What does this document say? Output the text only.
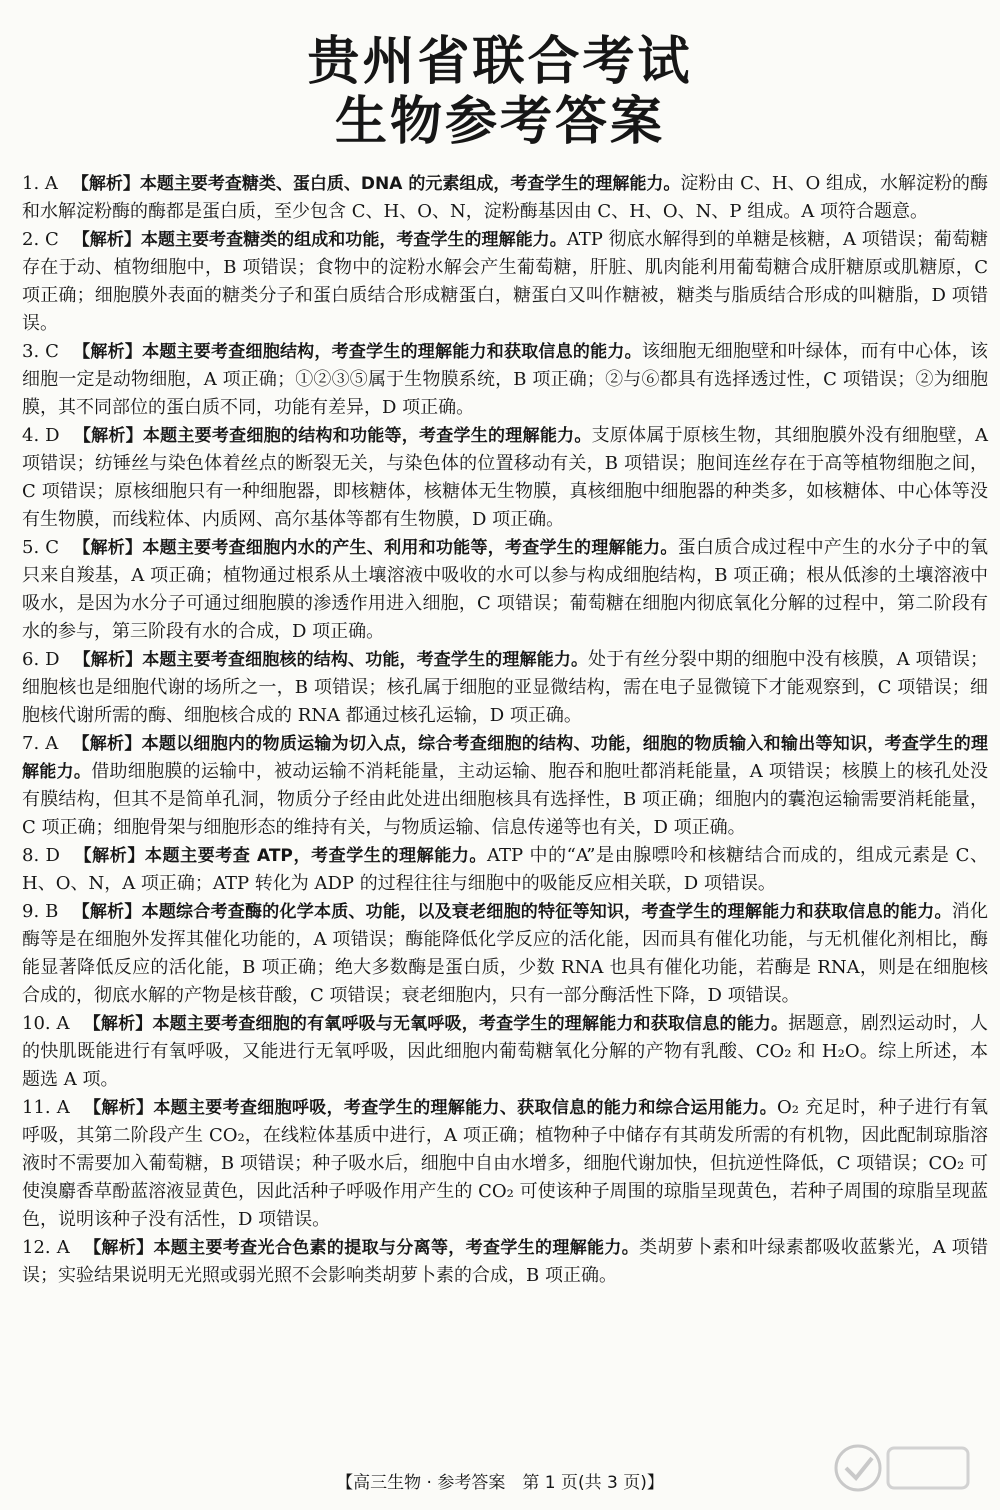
贵州省联合考试
生物参考答案
1. A 【解析】本题主要考查糖类、蛋白质、DNA 的元素组成，考查学生的理解能力。淀粉由 C、H、O 组成，水解淀粉的酶和水解淀粉酶的酶都是蛋白质，至少包含 C、H、O、N，淀粉酶基因由 C、H、O、N、P 组成。A 项符合题意。
2. C 【解析】本题主要考查糖类的组成和功能，考查学生的理解能力。ATP 彻底水解得到的单糖是核糖，A 项错误；葡萄糖存在于动、植物细胞中，B 项错误；食物中的淀粉水解会产生葡萄糖，肝脏、肌肉能利用葡萄糖合成肝糖原或肌糖原，C 项正确；细胞膜外表面的糖类分子和蛋白质结合形成糖蛋白，糖蛋白又叫作糖被，糖类与脂质结合形成的叫糖脂，D 项错误。
3. C 【解析】本题主要考查细胞结构，考查学生的理解能力和获取信息的能力。该细胞无细胞壁和叶绿体，而有中心体，该细胞一定是动物细胞，A 项正确；①②③⑤属于生物膜系统，B 项正确；②与⑥都具有选择透过性，C 项错误；②为细胞膜，其不同部位的蛋白质不同，功能有差异，D 项正确。
4. D 【解析】本题主要考查细胞的结构和功能等，考查学生的理解能力。支原体属于原核生物，其细胞膜外没有细胞壁，A 项错误；纺锤丝与染色体着丝点的断裂无关，与染色体的位置移动有关，B 项错误；胞间连丝存在于高等植物细胞之间，C 项错误；原核细胞只有一种细胞器，即核糖体，核糖体无生物膜，真核细胞中细胞器的种类多，如核糖体、中心体等没有生物膜，而线粒体、内质网、高尔基体等都有生物膜，D 项正确。
5. C 【解析】本题主要考查细胞内水的产生、利用和功能等，考查学生的理解能力。蛋白质合成过程中产生的水分子中的氧只来自羧基，A 项正确；植物通过根系从土壤溶液中吸收的水可以参与构成细胞结构，B 项正确；根从低渗的土壤溶液中吸水，是因为水分子可通过细胞膜的渗透作用进入细胞，C 项错误；葡萄糖在细胞内彻底氧化分解的过程中，第二阶段有水的参与，第三阶段有水的合成，D 项正确。
6. D 【解析】本题主要考查细胞核的结构、功能，考查学生的理解能力。处于有丝分裂中期的细胞中没有核膜，A 项错误；细胞核也是细胞代谢的场所之一，B 项错误；核孔属于细胞的亚显微结构，需在电子显微镜下才能观察到，C 项错误；细胞核代谢所需的酶、细胞核合成的 RNA 都通过核孔运输，D 项正确。
7. A 【解析】本题以细胞内的物质运输为切入点，综合考查细胞的结构、功能，细胞的物质输入和输出等知识，考查学生的理解能力。借助细胞膜的运输中，被动运输不消耗能量，主动运输、胞吞和胞吐都消耗能量，A 项错误；核膜上的核孔处没有膜结构，但其不是简单孔洞，物质分子经由此处进出细胞核具有选择性，B 项正确；细胞内的囊泡运输需要消耗能量，C 项正确；细胞骨架与细胞形态的维持有关，与物质运输、信息传递等也有关，D 项正确。
8. D 【解析】本题主要考查 ATP，考查学生的理解能力。ATP 中的“A”是由腺嘌呤和核糖结合而成的，组成元素是 C、H、O、N，A 项正确；ATP 转化为 ADP 的过程往往与细胞中的吸能反应相关联，D 项错误。
9. B 【解析】本题综合考查酶的化学本质、功能，以及衰老细胞的特征等知识，考查学生的理解能力和获取信息的能力。消化酶等是在细胞外发挥其催化功能的，A 项错误；酶能降低化学反应的活化能，因而具有催化功能，与无机催化剂相比，酶能显著降低反应的活化能，B 项正确；绝大多数酶是蛋白质，少数 RNA 也具有催化功能，若酶是 RNA，则是在细胞核合成的，彻底水解的产物是核苷酸，C 项错误；衰老细胞内，只有一部分酶活性下降，D 项错误。
10. A 【解析】本题主要考查细胞的有氧呼吸与无氧呼吸，考查学生的理解能力和获取信息的能力。据题意，剧烈运动时，人的快肌既能进行有氧呼吸，又能进行无氧呼吸，因此细胞内葡萄糖氧化分解的产物有乳酸、CO₂ 和 H₂O。综上所述，本题选 A 项。
11. A 【解析】本题主要考查细胞呼吸，考查学生的理解能力、获取信息的能力和综合运用能力。O₂ 充足时，种子进行有氧呼吸，其第二阶段产生 CO₂，在线粒体基质中进行，A 项正确；植物种子中储存有其萌发所需的有机物，因此配制琼脂溶液时不需要加入葡萄糖，B 项错误；种子吸水后，细胞中自由水增多，细胞代谢加快，但抗逆性降低，C 项错误；CO₂ 可使溴麝香草酚蓝溶液显黄色，因此活种子呼吸作用产生的 CO₂ 可使该种子周围的琼脂呈现黄色，若种子周围的琼脂呈现蓝色，说明该种子没有活性，D 项错误。
12. A 【解析】本题主要考查光合色素的提取与分离等，考查学生的理解能力。类胡萝卜素和叶绿素都吸收蓝紫光，A 项错误；实验结果说明无光照或弱光照不会影响类胡萝卜素的合成，B 项正确。
【高三生物 · 参考答案　第 1 页(共 3 页)】
